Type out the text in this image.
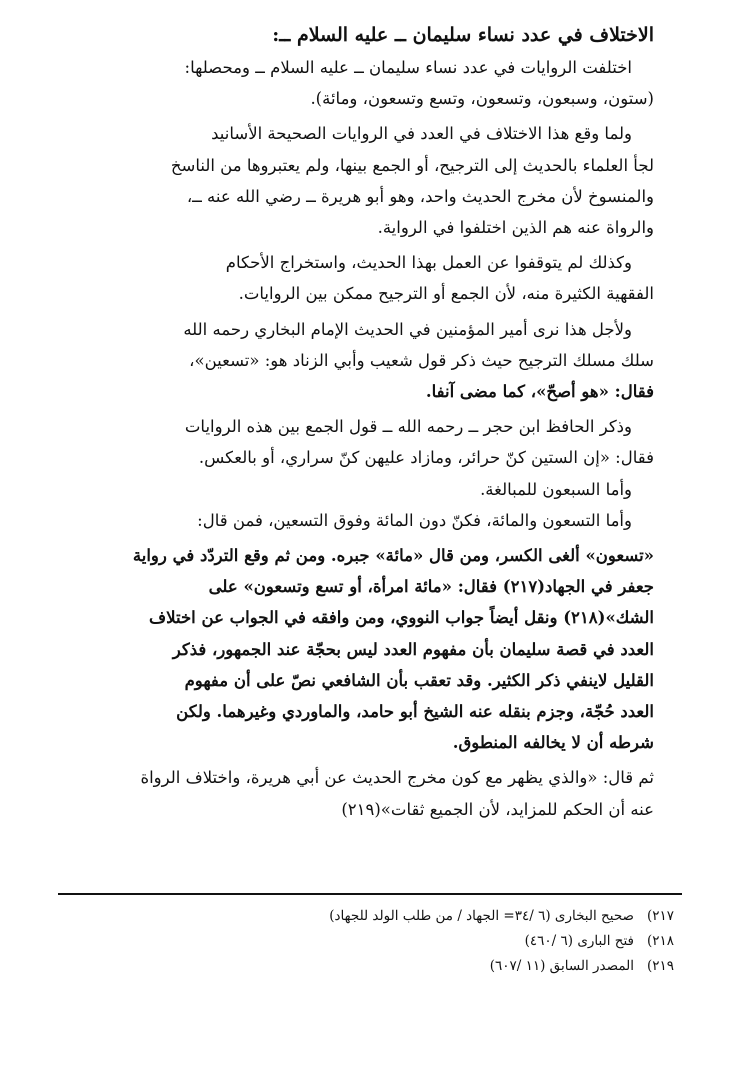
الاختلاف في عدد نساء سليمان ــ عليه السلام ــ:
اختلفت الروايات في عدد نساء سليمان ــ عليه السلام ــ ومحصلها:
(ستون، وسبعون، وتسعون، وتسع وتسعون، ومائة).
ولما وقع هذا الاختلاف في العدد في الروايات الصحيحة الأسانيد
لجأ العلماء بالحديث إلى الترجيح، أو الجمع بينها، ولم يعتبروها من الناسخ
والمنسوخ لأن مخرج الحديث واحد، وهو أبو هريرة ــ رضي الله عنه ــ،
والرواة عنه هم الذين اختلفوا في الرواية.
وكذلك لم يتوقفوا عن العمل بهذا الحديث، واستخراج الأحكام
الفقهية الكثيرة منه، لأن الجمع أو الترجيح ممكن بين الروايات.
ولأجل هذا نرى أمير المؤمنين في الحديث الإمام البخاري رحمه الله
سلك مسلك الترجيح حيث ذكر قول شعيب وأبي الزناد هو: «تسعين»،
فقال: «هو أصحّ»، كما مضى آنفا.
وذكر الحافظ ابن حجر ــ رحمه الله ــ قول الجمع بين هذه الروايات
فقال: «إن الستين كنّ حرائر، ومازاد عليهن كنّ سراري، أو بالعكس.
وأما السبعون للمبالغة.
وأما التسعون والمائة، فكنّ دون المائة وفوق التسعين، فمن قال:
«تسعون» ألغى الكسر، ومن قال «مائة» جبره. ومن ثم وقع التردّد في رواية
جعفر في الجهاد(٢١٧) فقال: «مائة امرأة، أو تسع وتسعون» على
الشك»(٢١٨) ونقل أيضاً جواب النووي، ومن وافقه في الجواب عن اختلاف
العدد في قصة سليمان بأن مفهوم العدد ليس بحجّة عند الجمهور، فذكر
القليل لاينفي ذكر الكثير. وقد تعقب بأن الشافعي نصّ على أن مفهوم
العدد حُجّة، وجزم بنقله عنه الشيخ أبو حامد، والماوردي وغيرهما. ولكن
شرطه أن لا يخالفه المنطوق.
ثم قال: «والذي يظهر مع كون مخرج الحديث عن أبي هريرة، واختلاف الرواة
عنه أن الحكم للمزايد، لأن الجميع ثقات»(٢١٩)
٢١٧)
صحيح البخارى (٦ /٣٤= الجهاد / من طلب الولد للجهاد)
٢١٨)
فتح البارى (٦ /٤٦٠)
٢١٩)
المصدر السابق (١١ /٦٠٧)
